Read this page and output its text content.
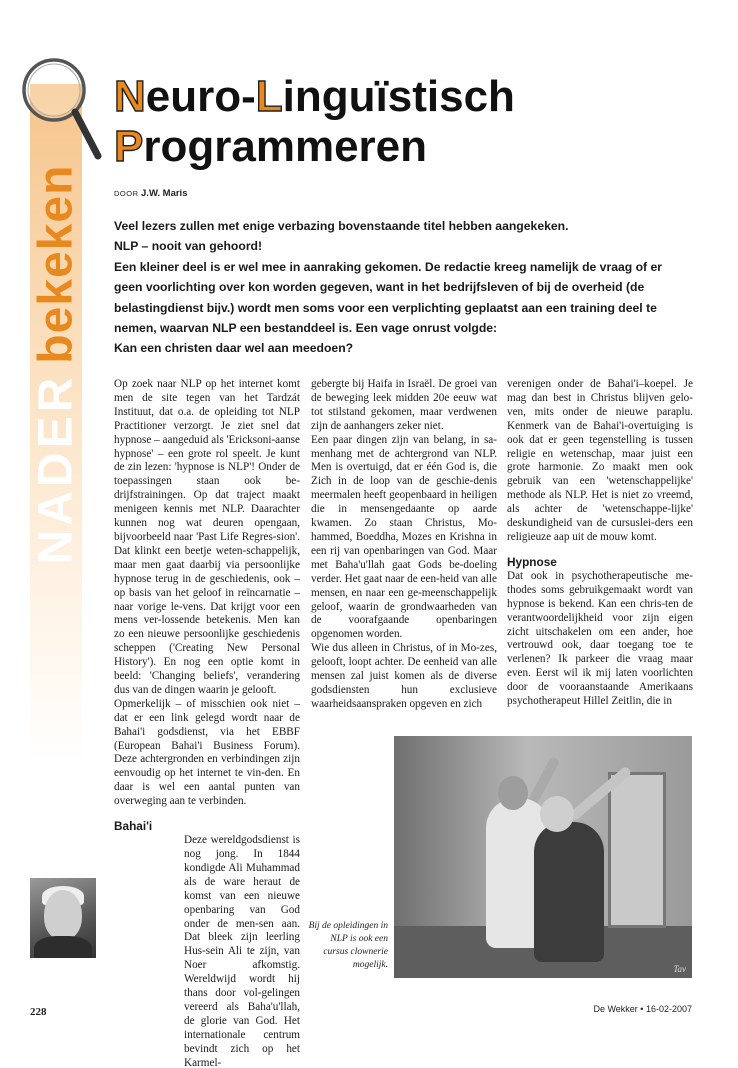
NADERbekeken
Neuro-Linguïstisch
Programmeren
DOOR J.W. Maris

Veel lezers zullen met enige verbazing bovenstaande titel hebben aangekeken.

NLP – nooit van gehoord!

Een kleiner deel is er wel mee in aanraking gekomen. De redactie kreeg namelijk de vraag of er geen voorlichting over kon worden gegeven, want in het bedrijfsleven of bij de overheid (de belastingdienst bijv.) wordt men soms voor een verplichting geplaatst aan een training deel te nemen, waarvan NLP een bestanddeel is. Een vage onrust volgde:

Kan een christen daar wel aan meedoen?

Op zoek naar NLP op het internet komt men de site tegen van het Tardzát Instituut, dat o.a. de opleiding tot NLP Practitioner verzorgt. Je ziet snel dat hypnose – aangeduid als 'Ericksoni-aanse hypnose' – een grote rol speelt. Je kunt de zin lezen: 'hypnose is NLP'! Onder de toepassingen staan ook be-drijfstrainingen. Op dat traject maakt menigeen kennis met NLP. Daarachter kunnen nog wat deuren opengaan, bijvoorbeeld naar 'Past Life Regres-sion'. Dat klinkt een beetje weten-schappelijk, maar men gaat daarbij via persoonlijke hypnose terug in de geschiedenis, ook – op basis van het geloof in reïncarnatie – naar vorige le-vens. Dat krijgt voor een mens ver-lossende betekenis. Men kan zo een nieuwe persoonlijke geschiedenis scheppen ('Creating New Personal History'). En nog een optie komt in beeld: 'Changing beliefs', verandering dus van de dingen waarin je gelooft.

Opmerkelijk – of misschien ook niet – dat er een link gelegd wordt naar de Bahai'i godsdienst, via het EBBF (European Bahai'i Business Forum). Deze achtergronden en verbindingen zijn eenvoudig op het internet te vin-den. En daar is wel een aantal punten van overweging aan te verbinden.

Bahai'i

Deze wereldgodsdienst is nog jong. In 1844 kondigde Ali Muhammad als de ware heraut de komst van een nieuwe openbaring van God onder de men-sen aan. Dat bleek zijn leerling Hus-sein Ali te zijn, van Noer afkomstig. Wereldwijd wordt hij thans door vol-gelingen vereerd als Baha'u'llah, de glorie van God. Het internationale centrum bevindt zich op het Karmel-

gebergte bij Haifa in Israël. De groei van de beweging leek midden 20e eeuw wat tot stilstand gekomen, maar verdwenen zijn de aanhangers zeker niet.

Een paar dingen zijn van belang, in sa-menhang met de achtergrond van NLP. Men is overtuigd, dat er één God is, die Zich in de loop van de geschie-denis meermalen heeft geopenbaard in heiligen die in mensengedaante op aarde kwamen. Zo staan Christus, Mo-hammed, Boeddha, Mozes en Krishna in een rij van openbaringen van God. Maar met Baha'u'llah gaat Gods be-doeling verder. Het gaat naar de een-heid van alle mensen, en naar een ge-meenschappelijk geloof, waarin de grondwaarheden van de voorafgaande openbaringen opgenomen worden.

Wie dus alleen in Christus, of in Mo-zes, gelooft, loopt achter. De eenheid van alle mensen zal juist komen als de diverse godsdiensten hun exclusieve waarheidsaanspraken opgeven en zich

verenigen onder de Bahai'i–koepel. Je mag dan best in Christus blijven gelo-ven, mits onder de nieuwe paraplu. Kenmerk van de Bahai'i-overtuiging is ook dat er geen tegenstelling is tussen religie en wetenschap, maar juist een grote harmonie. Zo maakt men ook gebruik van een 'wetenschappelijke' methode als NLP. Het is niet zo vreemd, als achter de 'wetenschappe-lijke' deskundigheid van de cursuslei-ders een religieuze aap uit de mouw komt.

Hypnose

Dat ook in psychotherapeutische me-thodes soms gebruikgemaakt wordt van hypnose is bekend. Kan een chris-ten de verantwoordelijkheid voor zijn eigen zicht uitschakelen om een ander, hoe vertrouwd ook, daar toegang toe te verlenen? Ik parkeer die vraag maar even. Eerst wil ik mij laten voorlichten door de vooraanstaande Amerikaans psychotherapeut Hillel Zeitlin, die in

Tav
Bij de opleidingen in NLP is ook een cursus clownerie mogelijk.
228	De Wekker • 16-02-2007
